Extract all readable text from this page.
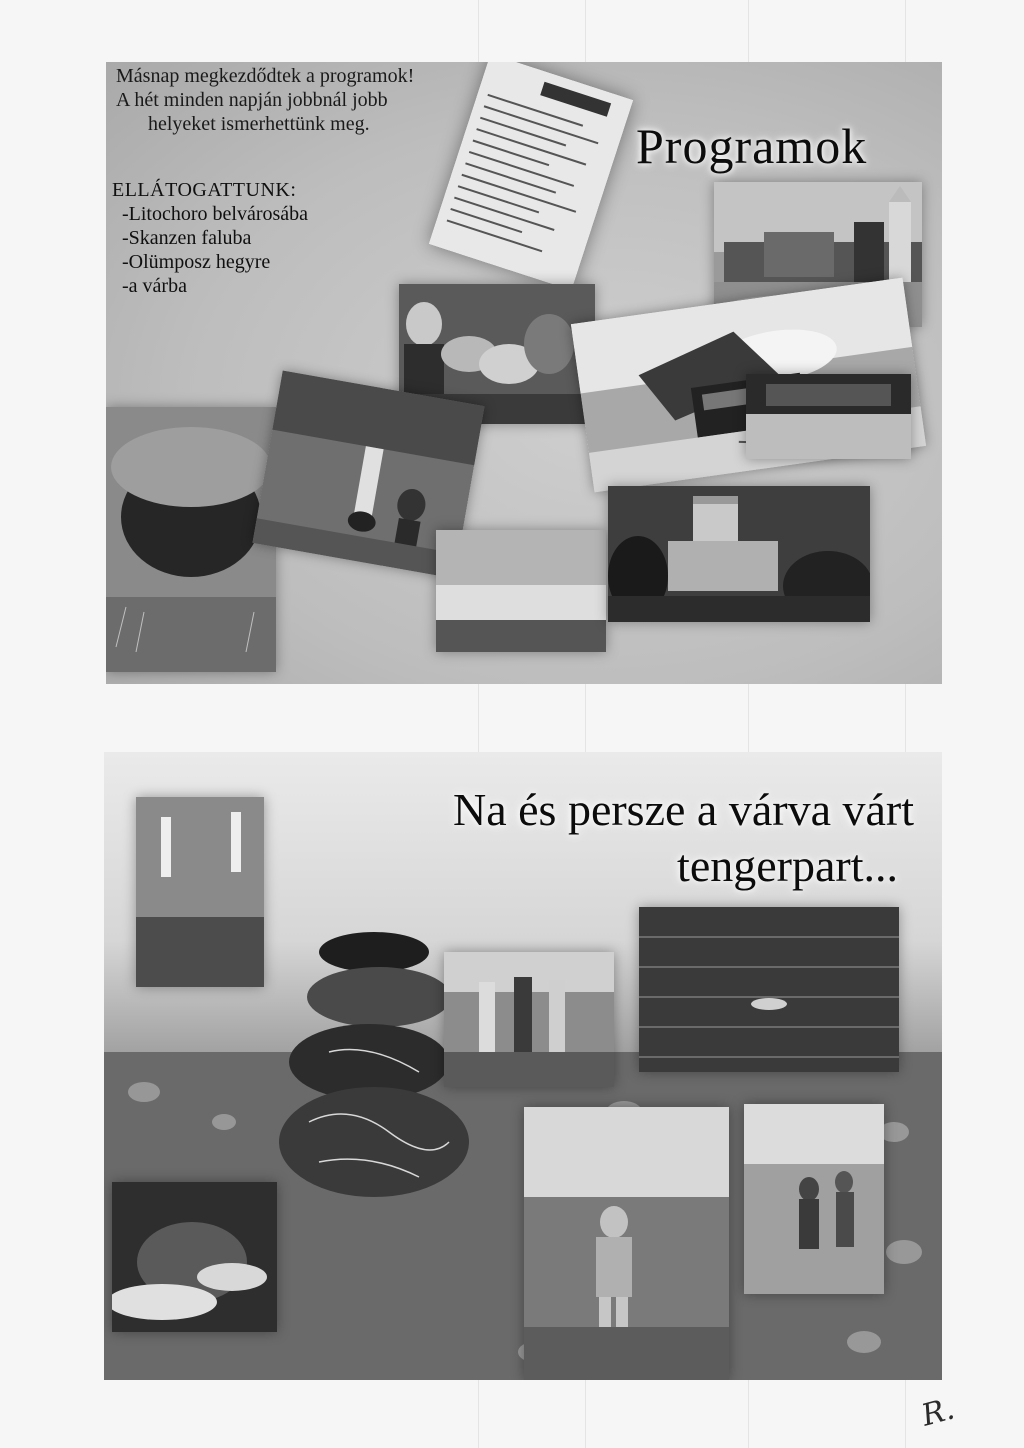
Másnap megkezdődtek a programok!
A hét minden napján jobbnál jobb
helyeket ismerhettünk meg.
ELLÁTOGATTUNK:
-Litochoro belvárosába
-Skanzen faluba
-Olümposz hegyre
-a várba
Programok
Na és persze a várva várt
tengerpart...
R.
